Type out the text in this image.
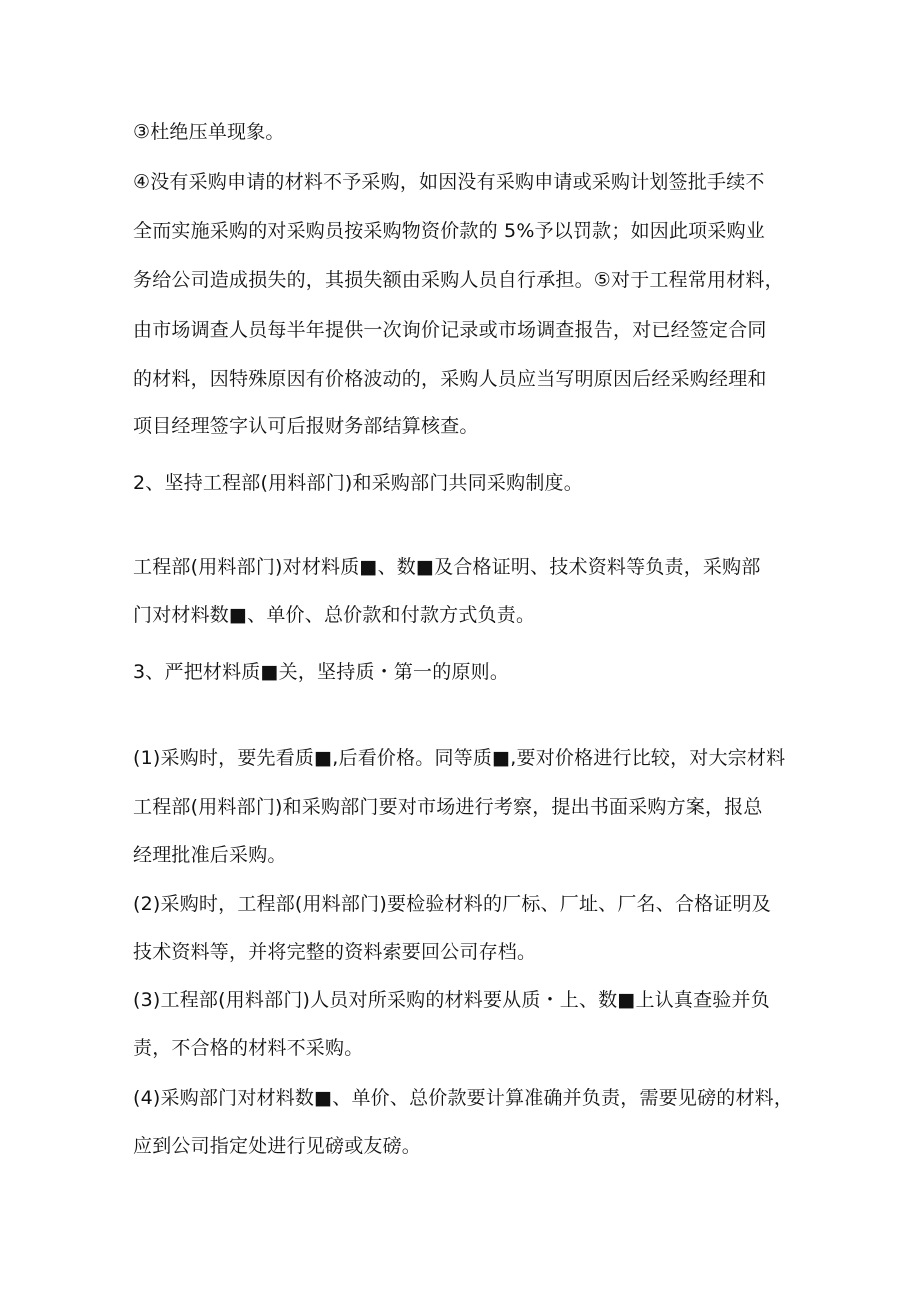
③杜绝压单现象。
④没有采购申请的材料不予采购，如因没有采购申请或采购计划签批手续不
全而实施采购的对采购员按采购物资价款的 5%予以罚款；如因此项采购业
务给公司造成损失的，其损失额由采购人员自行承担。⑤对于工程常用材料，
由市场调查人员每半年提供一次询价记录或市场调查报告，对已经签定合同
的材料，因特殊原因有价格波动的，采购人员应当写明原因后经采购经理和
项目经理签字认可后报财务部结算核查。
2、坚持工程部(用料部门)和采购部门共同采购制度。
工程部(用料部门)对材料质■、数■及合格证明、技术资料等负责，采购部
门对材料数■、单价、总价款和付款方式负责。
3、严把材料质■关，坚持质・第一的原则。
(1)采购时，要先看质■,后看价格。同等质■,要对价格进行比较，对大宗材料
工程部(用料部门)和采购部门要对市场进行考察，提出书面采购方案，报总
经理批准后采购。
(2)采购时，工程部(用料部门)要检验材料的厂标、厂址、厂名、合格证明及
技术资料等，并将完整的资料索要回公司存档。
(3)工程部(用料部门)人员对所采购的材料要从质・上、数■上认真查验并负
责，不合格的材料不采购。
(4)采购部门对材料数■、单价、总价款要计算准确并负责，需要见磅的材料，
应到公司指定处进行见磅或友磅。
